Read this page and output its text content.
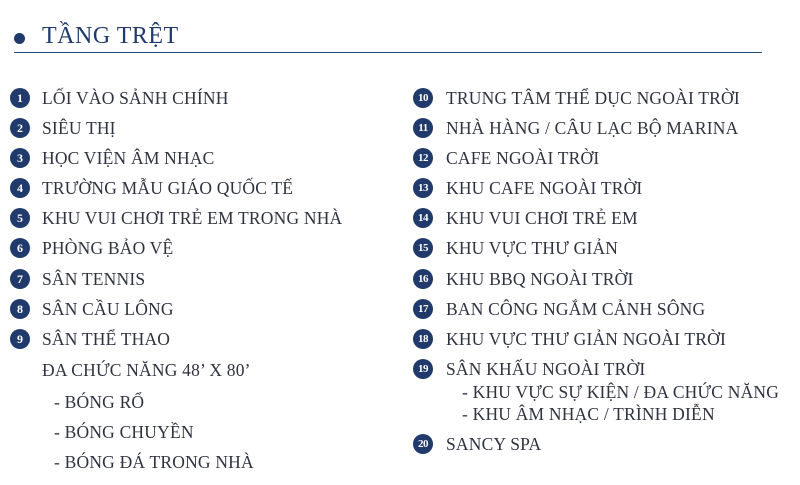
TẦNG TRỆT
1	LỐI VÀO SẢNH CHÍNH
2	SIÊU THỊ
3	HỌC VIỆN ÂM NHẠC
4	TRƯỜNG MẪU GIÁO QUỐC TẾ
5	KHU VUI CHƠI TRẺ EM TRONG NHÀ
6	PHÒNG BẢO VỆ
7	SÂN TENNIS
8	SÂN CẦU LÔNG
9	SÂN THỂ THAO
ĐA CHỨC NĂNG 48’ X 80’
- BÓNG RỔ
- BÓNG CHUYỀN
- BÓNG ĐÁ TRONG NHÀ
10 TRUNG TÂM THỂ DỤC NGOÀI TRỜI
11	NHÀ HÀNG / CÂU LẠC BỘ MARINA
12 CAFE NGOÀI TRỜI
13 KHU CAFE NGOÀI TRỜI
14 KHU VUI CHƠI TRẺ EM
15 KHU VỰC THƯ GIẢN
16 KHU BBQ NGOÀI TRỜI
17 BAN CÔNG NGẮM CẢNH SÔNG
18 KHU VỰC THƯ GIẢN NGOÀI TRỜI
19 SÂN KHẤU NGOÀI TRỜI
- KHU VỰC SỰ KIỆN / ĐA CHỨC NĂNG
- KHU ÂM NHẠC / TRÌNH DIỄN
20 SANCY SPA
